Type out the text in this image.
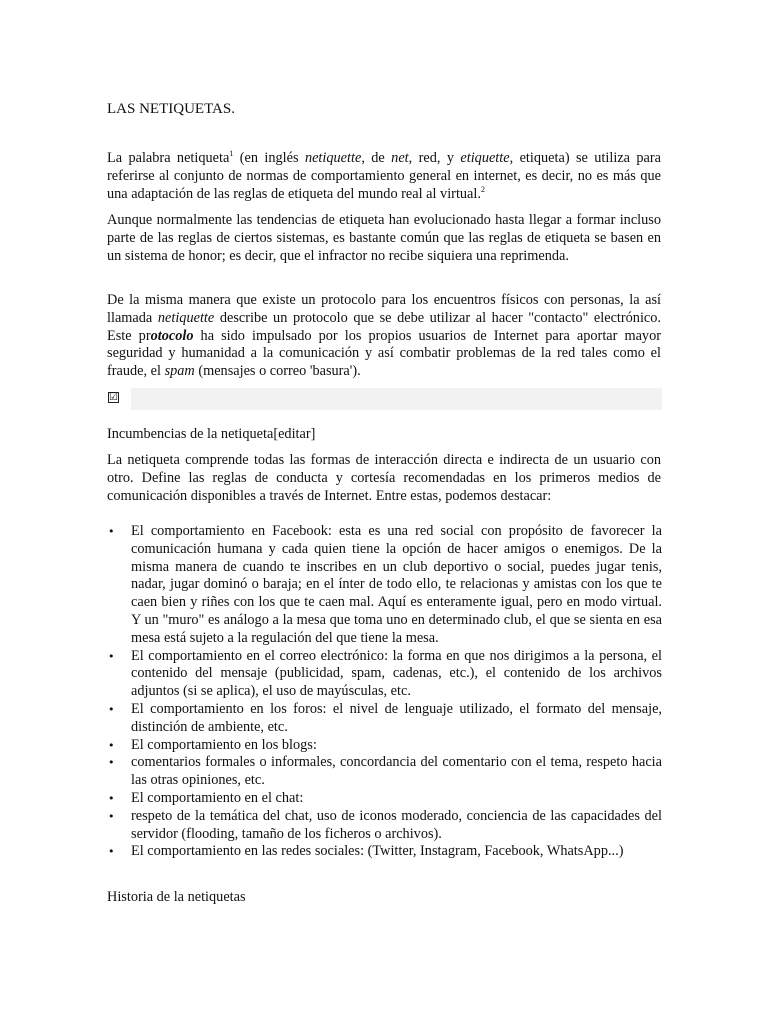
LAS NETIQUETAS.

La palabra netiqueta$^1$ (en inglés netiquette, de net, red, y etiquette, etiqueta) se utiliza para referirse al conjunto de normas de comportamiento general en internet, es decir, no es más que una adaptación de las reglas de etiqueta del mundo real al virtual.$^2$

Aunque normalmente las tendencias de etiqueta han evolucionado hasta llegar a formar incluso parte de las reglas de ciertos sistemas, es bastante común que las reglas de etiqueta se basen en un sistema de honor; es decir, que el infractor no recibe siquiera una reprimenda.

De la misma manera que existe un protocolo para los encuentros físicos con personas, la así llamada netiquette describe un protocolo que se debe utilizar al hacer "contacto" electrónico. Este protocolo ha sido impulsado por los propios usuarios de Internet para aportar mayor seguridad y humanidad a la comunicación y así combatir problemas de la red tales como el fraude, el spam (mensajes o correo 'basura').

☑
Incumbencias de la netiqueta[editar]

La netiqueta comprende todas las formas de interacción directa e indirecta de un usuario con otro. Define las reglas de conducta y cortesía recomendadas en los primeros medios de comunicación disponibles a través de Internet. Entre estas, podemos destacar:

• El comportamiento en Facebook: esta es una red social con propósito de favorecer la comunicación humana y cada quien tiene la opción de hacer amigos o enemigos. De la misma manera de cuando te inscribes en un club deportivo o social, puedes jugar tenis, nadar, jugar dominó o baraja; en el ínter de todo ello, te relacionas y amistas con los que te caen bien y riñes con los que te caen mal. Aquí es enteramente igual, pero en modo virtual. Y un "muro" es análogo a la mesa que toma uno en determinado club, el que se sienta en esa mesa está sujeto a la regulación del que tiene la mesa.
• El comportamiento en el correo electrónico: la forma en que nos dirigimos a la persona, el contenido del mensaje (publicidad, spam, cadenas, etc.), el contenido de los archivos adjuntos (si se aplica), el uso de mayúsculas, etc.
• El comportamiento en los foros: el nivel de lenguaje utilizado, el formato del mensaje, distinción de ambiente, etc.
• El comportamiento en los blogs:
• comentarios formales o informales, concordancia del comentario con el tema, respeto hacia las otras opiniones, etc.
• El comportamiento en el chat:
• respeto de la temática del chat, uso de iconos moderado, conciencia de las capacidades del servidor (flooding, tamaño de los ficheros o archivos).
• El comportamiento en las redes sociales: (Twitter, Instagram, Facebook, WhatsApp...)
Historia de la netiquetas
